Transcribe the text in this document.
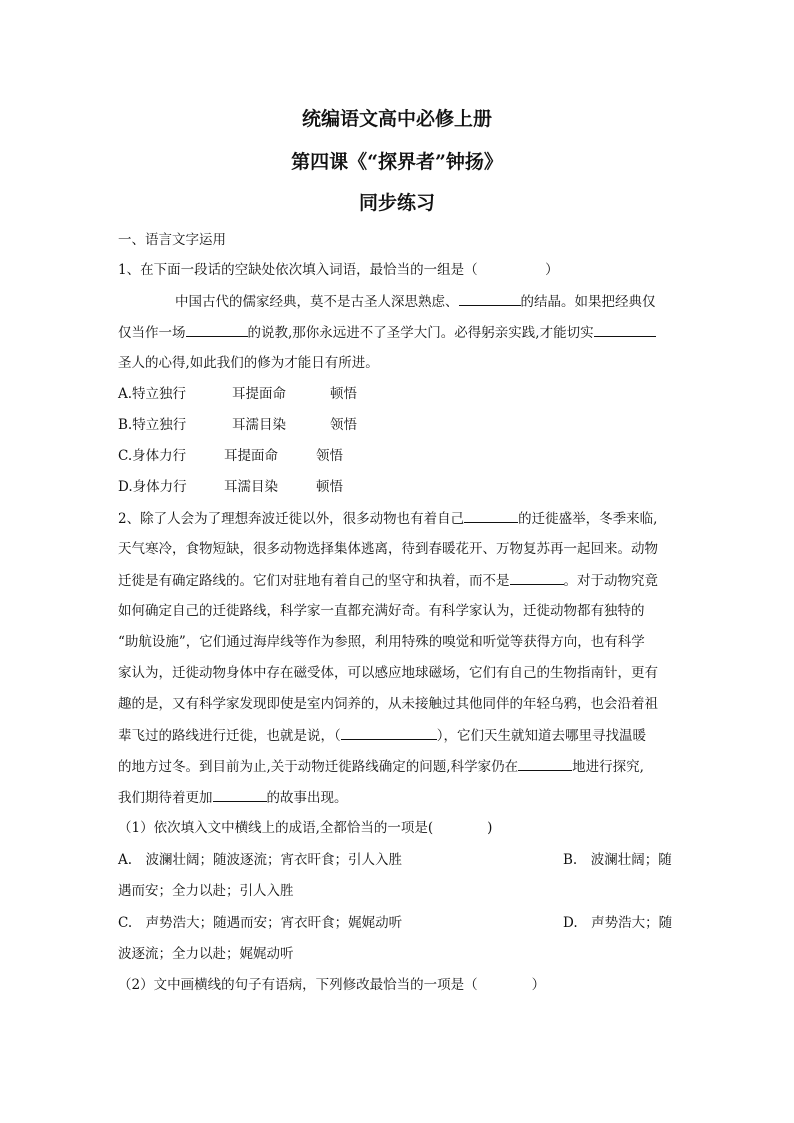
统编语文高中必修上册
第四课《“探界者”钟扬》
同步练习
一、语言文字运用
1、在下面一段话的空缺处依次填入词语，最恰当的一组是（　　　　　）
中国古代的儒家经典，莫不是古圣人深思熟虑、	的结晶。如果把经典仅
仅当作一场	的说教,那你永远进不了圣学大门。必得躬亲实践,才能切实
圣人的心得,如此我们的修为才能日有所进。
A.特立独行	耳提面命	顿悟
B.特立独行	耳濡目染	领悟
C.身体力行	耳提面命	领悟
D.身体力行	耳濡目染	顿悟
2、除了人会为了理想奔波迁徙以外，很多动物也有着自己	的迁徙盛举，冬季来临,
天气寒冷，食物短缺，很多动物选择集体逃离，待到春暖花开、万物复苏再一起回来。动物
迁徙是有确定路线的。它们对驻地有着自己的坚守和执着，而不是	。对于动物究竟
如何确定自己的迁徙路线，科学家一直都充满好奇。有科学家认为，迁徙动物都有独特的
“助航设施”，它们通过海岸线等作为参照，利用特殊的嗅觉和听觉等获得方向，也有科学
家认为，迁徙动物身体中存在磁受体，可以感应地球磁场，它们有自己的生物指南针，更有
趣的是，又有科学家发现即使是室内饲养的，从未接触过其他同伴的年轻乌鸦，也会沿着祖
辈飞过的路线进行迁徙，也就是说，（	），它们天生就知道去哪里寻找温暖
的地方过冬。到目前为止,关于动物迁徙路线确定的问题,科学家仍在	地进行探究,
我们期待着更加	的故事出现。
（1）依次填入文中横线上的成语,全都恰当的一项是(　　　　)
A.　波澜壮阔；随波逐流；宵衣旰食；引人入胜	B.　波澜壮阔；随
遇而安；全力以赴；引人入胜
C.　声势浩大；随遇而安；宵衣旰食；娓娓动听	D.　声势浩大；随
波逐流；全力以赴；娓娓动听
（2）文中画横线的句子有语病，下列修改最恰当的一项是（　　　　）
